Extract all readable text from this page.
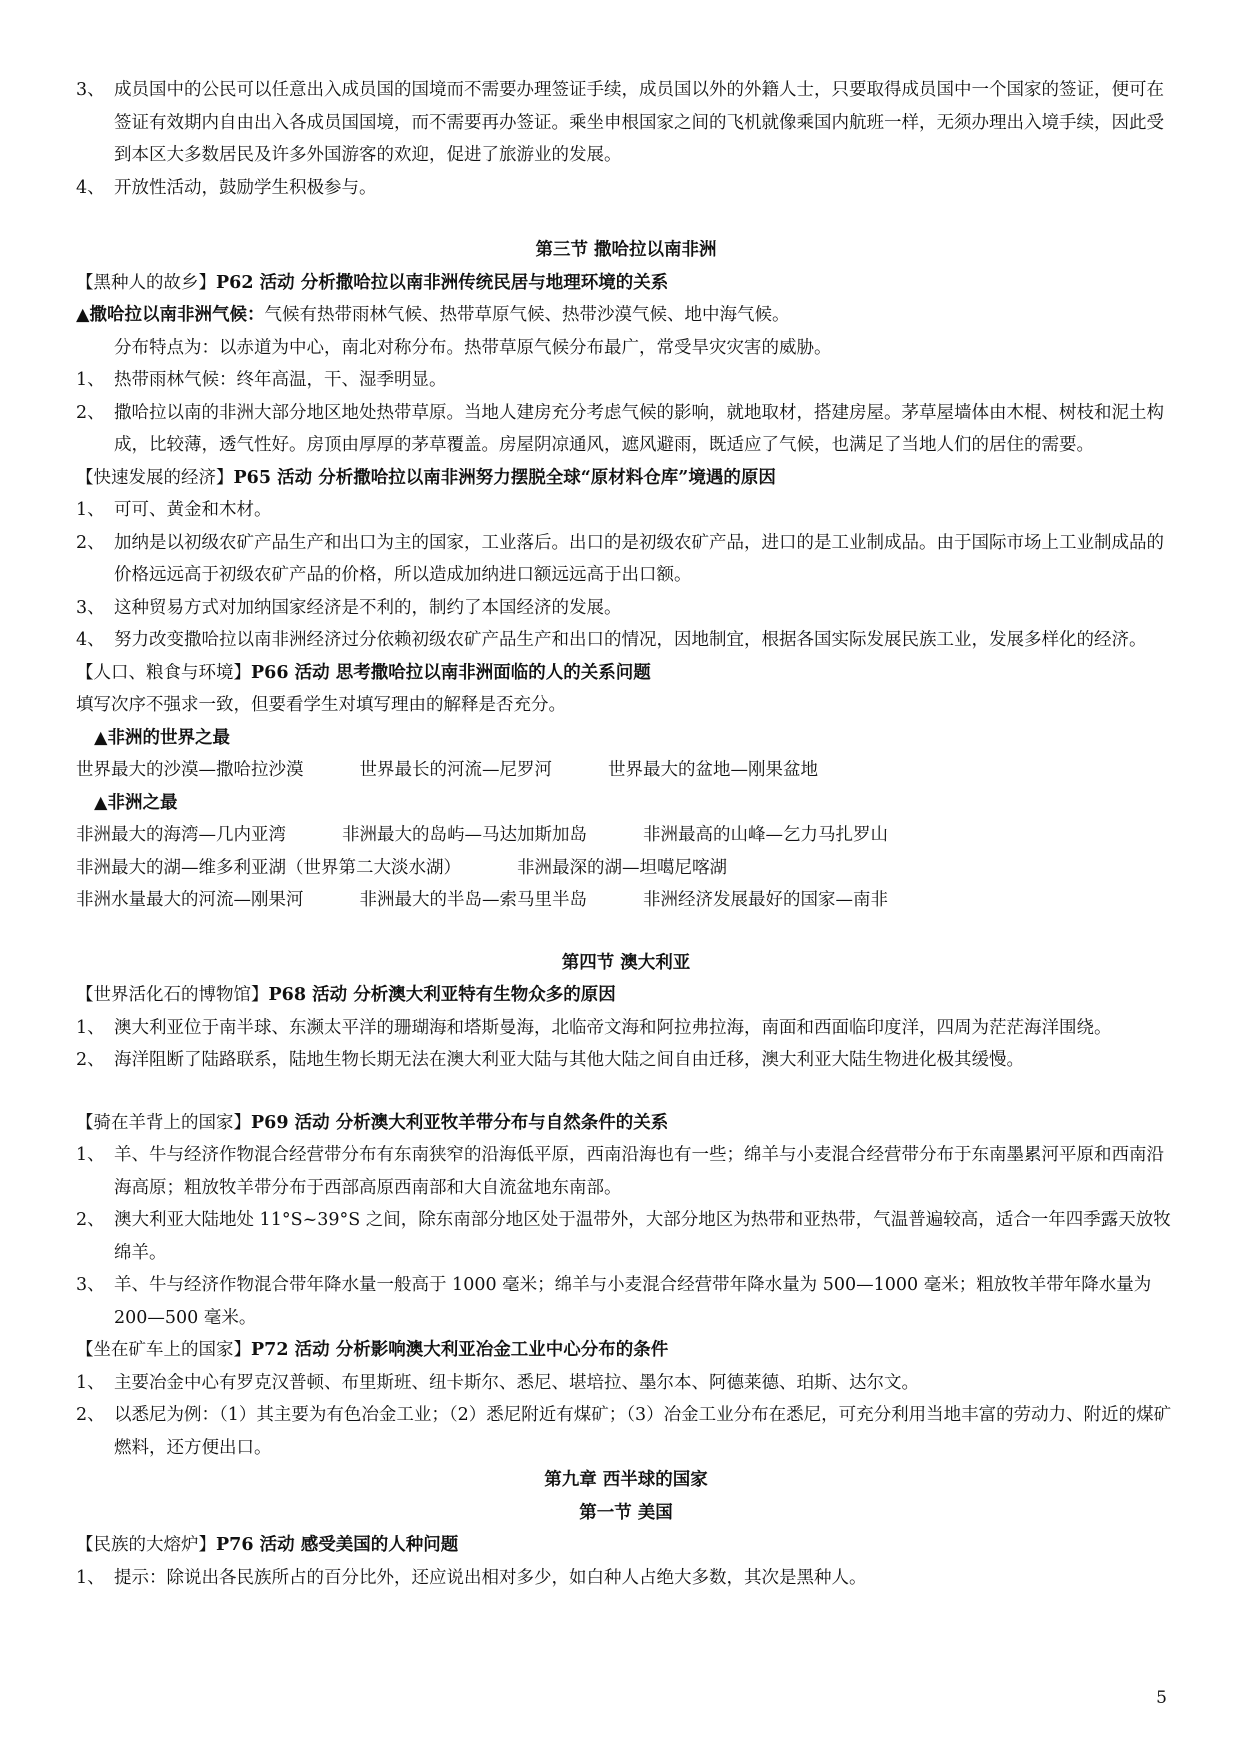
3、 成员国中的公民可以任意出入成员国的国境而不需要办理签证手续，成员国以外的外籍人士，只要取得成员国中一个国家的签证，便可在签证有效期内自由出入各成员国国境，而不需要再办签证。乘坐申根国家之间的飞机就像乘国内航班一样，无须办理出入境手续，因此受到本区大多数居民及许多外国游客的欢迎，促进了旅游业的发展。
4、 开放性活动，鼓励学生积极参与。
第三节 撒哈拉以南非洲
【黑种人的故乡】P62 活动 分析撒哈拉以南非洲传统民居与地理环境的关系
▲撒哈拉以南非洲气候：气候有热带雨林气候、热带草原气候、热带沙漠气候、地中海气候。
分布特点为：以赤道为中心，南北对称分布。热带草原气候分布最广，常受旱灾灾害的威胁。
1、 热带雨林气候：终年高温，干、湿季明显。
2、 撒哈拉以南的非洲大部分地区地处热带草原。当地人建房充分考虑气候的影响，就地取材，搭建房屋。茅草屋墙体由木棍、树枝和泥土构成，比较薄，透气性好。房顶由厚厚的茅草覆盖。房屋阴凉通风，遮风避雨，既适应了气候，也满足了当地人们的居住的需要。
【快速发展的经济】P65 活动 分析撒哈拉以南非洲努力摆脱全球“原材料仓库”境遇的原因
1、 可可、黄金和木材。
2、 加纳是以初级农矿产品生产和出口为主的国家，工业落后。出口的是初级农矿产品，进口的是工业制成品。由于国际市场上工业制成品的价格远远高于初级农矿产品的价格，所以造成加纳进口额远远高于出口额。
3、 这种贸易方式对加纳国家经济是不利的，制约了本国经济的发展。
4、 努力改变撒哈拉以南非洲经济过分依赖初级农矿产品生产和出口的情况，因地制宜，根据各国实际发展民族工业，发展多样化的经济。
【人口、粮食与环境】P66 活动 思考撒哈拉以南非洲面临的人的关系问题
填写次序不强求一致，但要看学生对填写理由的解释是否充分。
▲非洲的世界之最
世界最大的沙漠—撒哈拉沙漠	世界最长的河流—尼罗河	世界最大的盆地—刚果盆地
▲非洲之最
非洲最大的海湾—几内亚湾	非洲最大的岛屿—马达加斯加岛	非洲最高的山峰—乞力马扎罗山
非洲最大的湖—维多利亚湖（世界第二大淡水湖）	非洲最深的湖—坦噶尼喀湖
非洲水量最大的河流—刚果河	非洲最大的半岛—索马里半岛	非洲经济发展最好的国家—南非
第四节 澳大利亚
【世界活化石的博物馆】P68 活动 分析澳大利亚特有生物众多的原因
1、 澳大利亚位于南半球、东濒太平洋的珊瑚海和塔斯曼海，北临帝文海和阿拉弗拉海，南面和西面临印度洋，四周为茫茫海洋围绕。
2、 海洋阻断了陆路联系，陆地生物长期无法在澳大利亚大陆与其他大陆之间自由迁移，澳大利亚大陆生物进化极其缓慢。
【骑在羊背上的国家】P69 活动 分析澳大利亚牧羊带分布与自然条件的关系
1、 羊、牛与经济作物混合经营带分布有东南狭窄的沿海低平原，西南沿海也有一些；绵羊与小麦混合经营带分布于东南墨累河平原和西南沿海高原；粗放牧羊带分布于西部高原西南部和大自流盆地东南部。
2、 澳大利亚大陆地处 11°S~39°S 之间，除东南部分地区处于温带外，大部分地区为热带和亚热带，气温普遍较高，适合一年四季露天放牧绵羊。
3、 羊、牛与经济作物混合带年降水量一般高于 1000 毫米；绵羊与小麦混合经营带年降水量为 500—1000 毫米；粗放牧羊带年降水量为 200—500 毫米。
【坐在矿车上的国家】P72 活动 分析影响澳大利亚冶金工业中心分布的条件
1、 主要冶金中心有罗克汉普顿、布里斯班、纽卡斯尔、悉尼、堪培拉、墨尔本、阿德莱德、珀斯、达尔文。
2、 以悉尼为例：（1）其主要为有色冶金工业；（2）悉尼附近有煤矿；（3）冶金工业分布在悉尼，可充分利用当地丰富的劳动力、附近的煤矿燃料，还方便出口。
第九章 西半球的国家
第一节 美国
【民族的大熔炉】P76 活动 感受美国的人种问题
1、 提示：除说出各民族所占的百分比外，还应说出相对多少，如白种人占绝大多数，其次是黑种人。
5
